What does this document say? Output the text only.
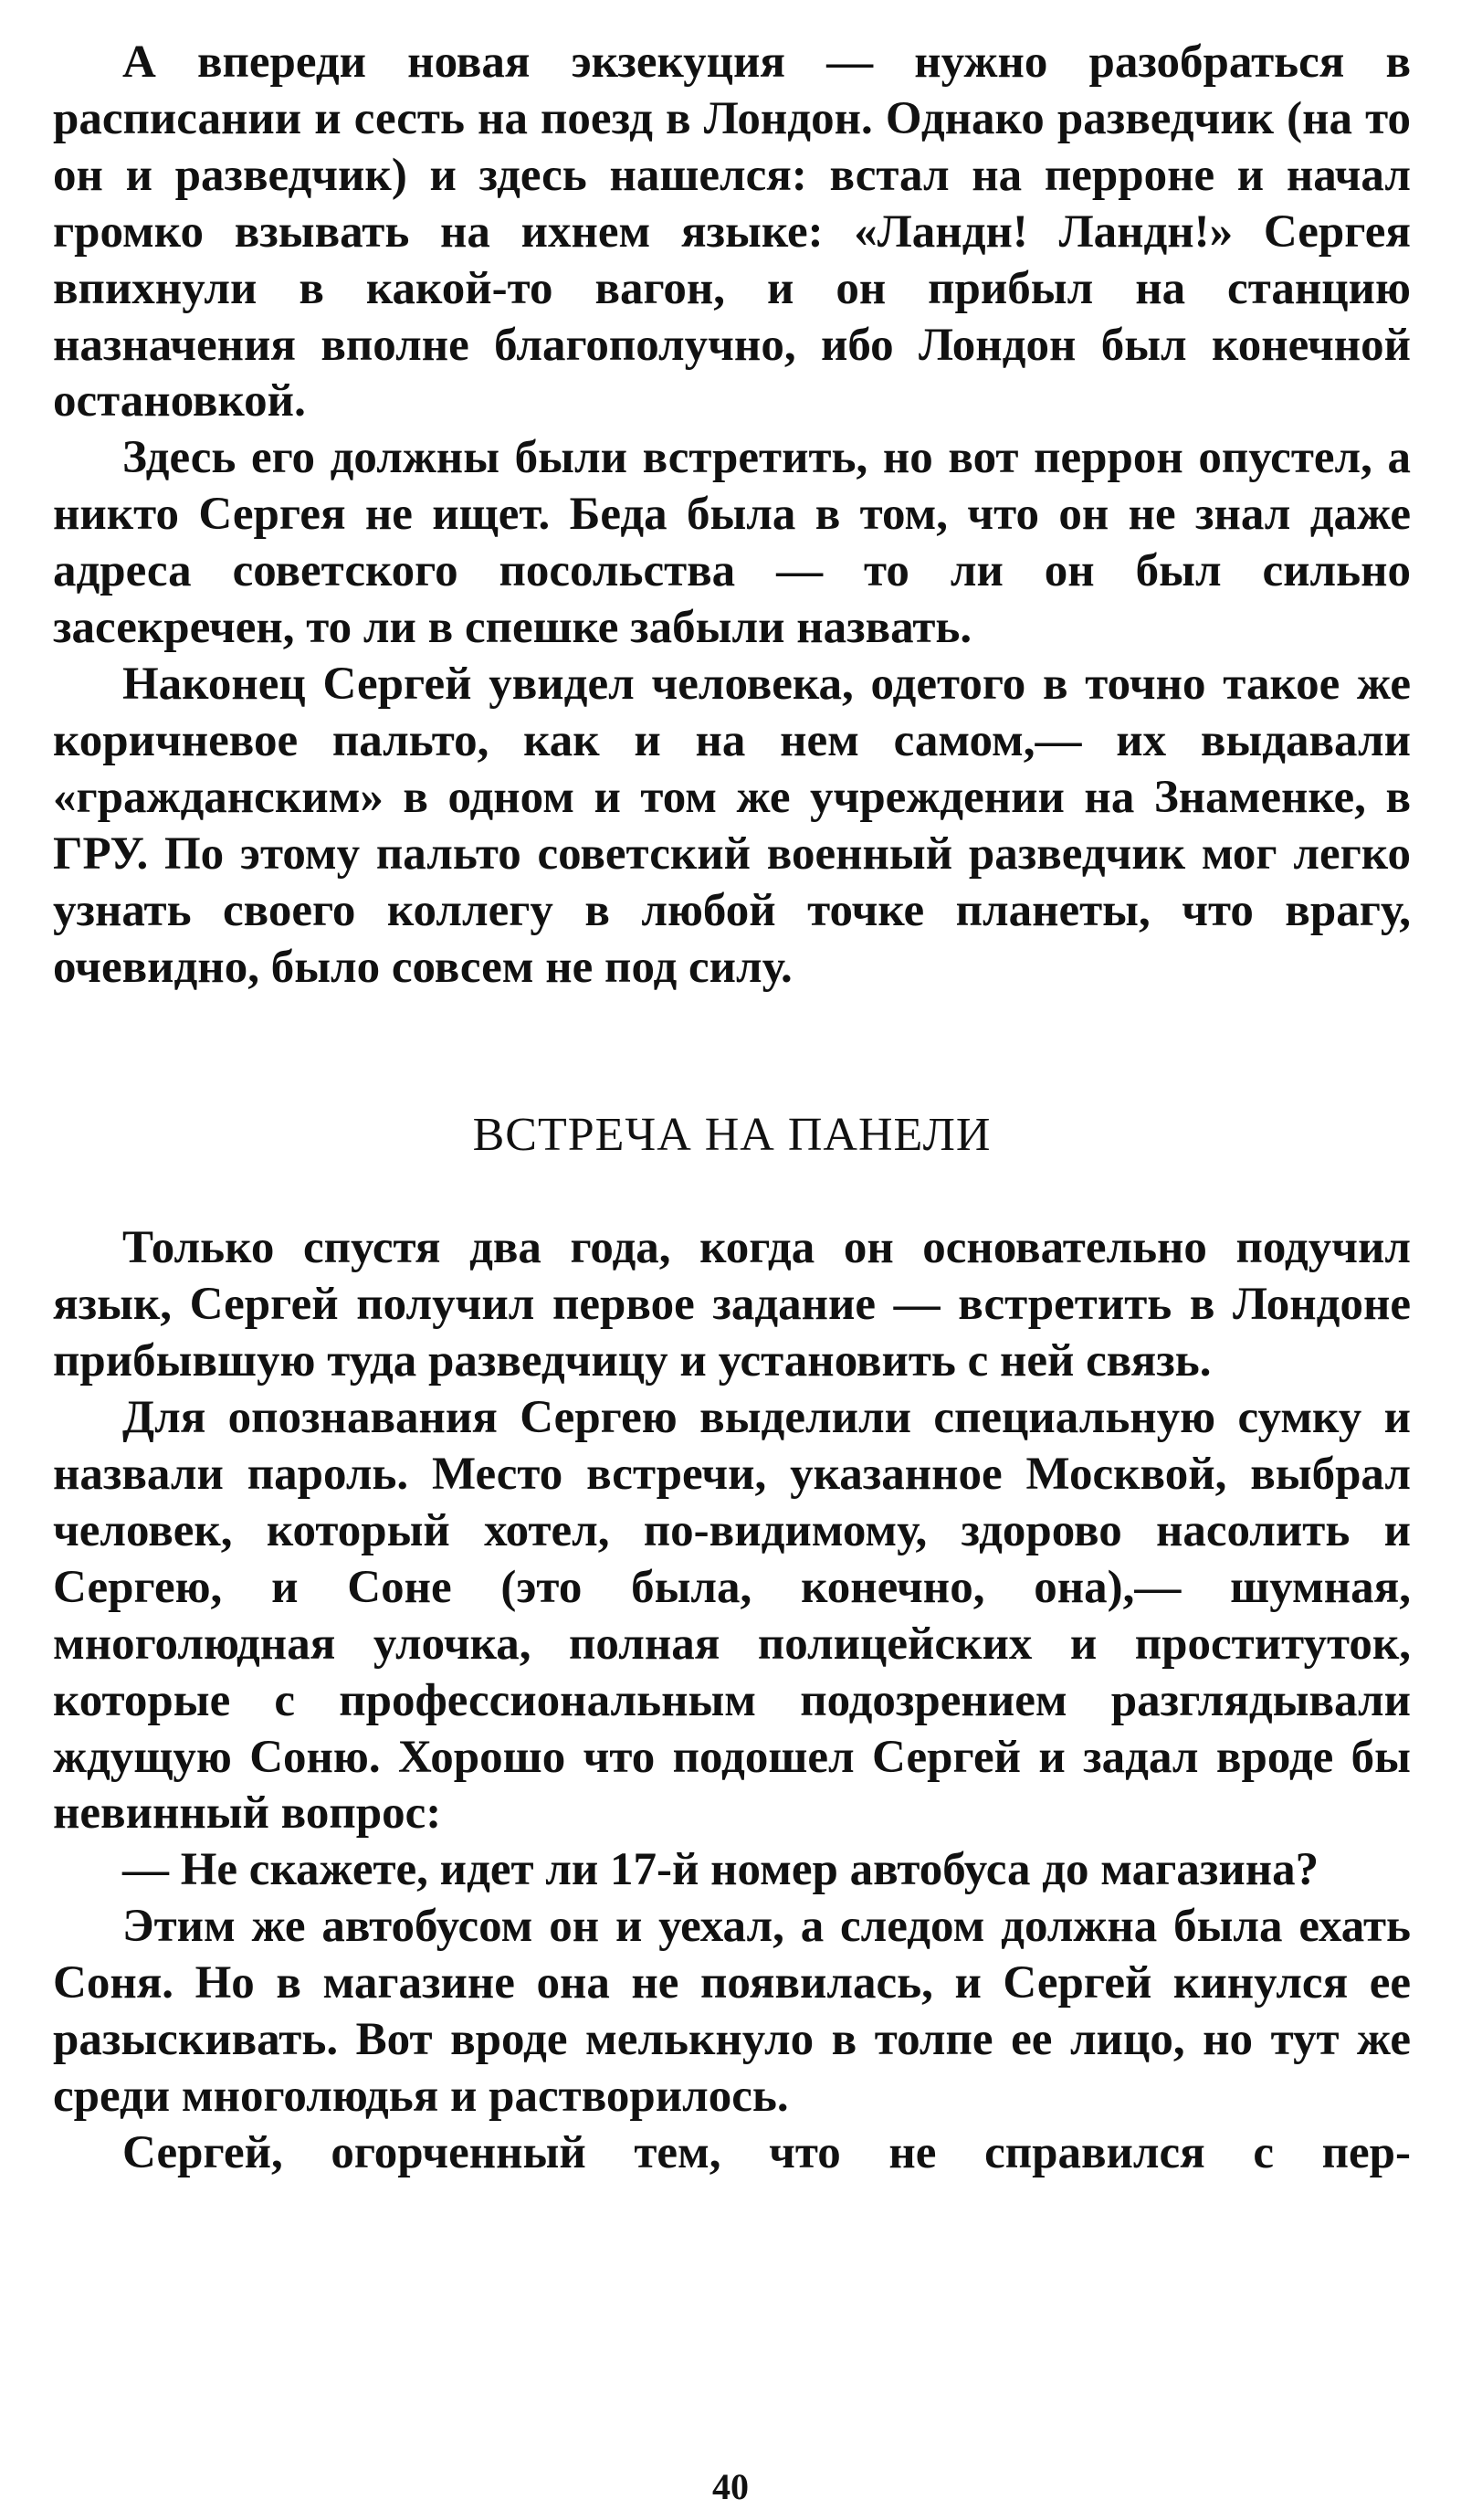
А впереди новая экзекуция — нужно разобраться в расписании и сесть на поезд в Лондон. Однако разведчик (на то он и разведчик) и здесь нашелся: встал на перроне и начал громко взывать на ихнем языке: «Ландн! Ландн!» Сергея впихнули в какой-то вагон, и он прибыл на станцию назначения вполне благополучно, ибо Лондон был конечной остановкой.

Здесь его должны были встретить, но вот перрон опустел, а никто Сергея не ищет. Беда была в том, что он не знал даже адреса советского посольства — то ли он был сильно засекречен, то ли в спешке забыли назвать.

Наконец Сергей увидел человека, одетого в точно такое же коричневое пальто, как и на нем самом,— их выдавали «гражданским» в одном и том же учреждении на Знаменке, в ГРУ. По этому пальто советский военный разведчик мог легко узнать своего коллегу в любой точке планеты, что врагу, очевидно, было совсем не под силу.

ВСТРЕЧА НА ПАНЕЛИ

Только спустя два года, когда он основательно подучил язык, Сергей получил первое задание — встретить в Лондоне прибывшую туда разведчицу и установить с ней связь.

Для опознавания Сергею выделили специальную сумку и назвали пароль. Место встречи, указанное Москвой, выбрал человек, который хотел, по-видимому, здорово насолить и Сергею, и Соне (это была, конечно, она),— шумная, многолюдная улочка, полная полицейских и проституток, которые с профессиональным подозрением разглядывали ждущую Соню. Хорошо что подошел Сергей и задал вроде бы невинный вопрос:

— Не скажете, идет ли 17-й номер автобуса до магазина?

Этим же автобусом он и уехал, а следом должна была ехать Соня. Но в магазине она не появилась, и Сергей кинулся ее разыскивать. Вот вроде мелькнуло в толпе ее лицо, но тут же среди многолюдья и растворилось.

Сергей, огорченный тем, что не справился с пер-

40
